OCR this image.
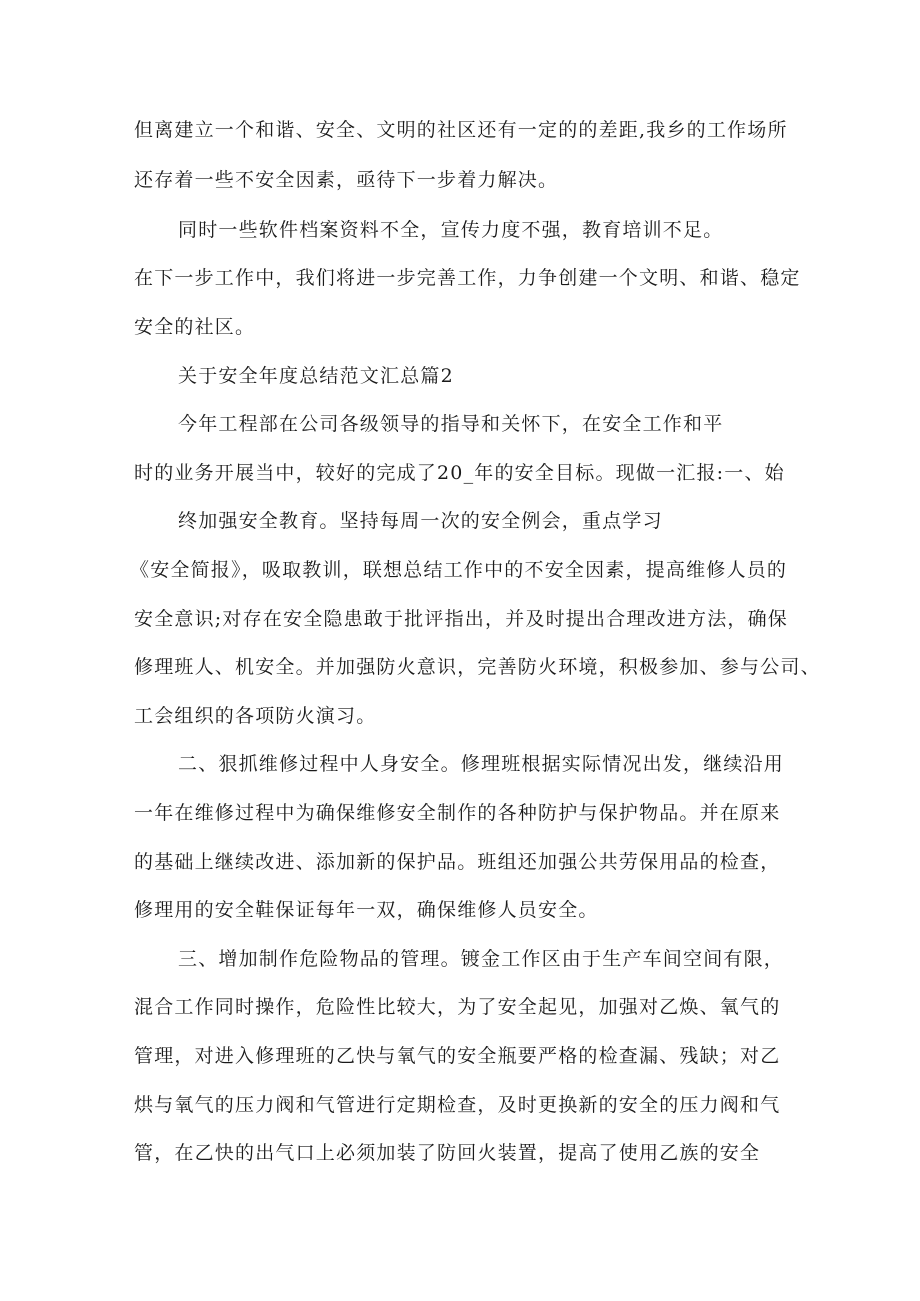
但离建立一个和谐、安全、文明的社区还有一定的的差距,我乡的工作场所
还存着一些不安全因素，亟待下一步着力解决。
同时一些软件档案资料不全，宣传力度不强，教育培训不足。
在下一步工作中，我们将进一步完善工作，力争创建一个文明、和谐、稳定
安全的社区。
关于安全年度总结范文汇总篇2
今年工程部在公司各级领导的指导和关怀下，在安全工作和平
时的业务开展当中，较好的完成了20_年的安全目标。现做一汇报:一、始
终加强安全教育。坚持每周一次的安全例会，重点学习
《安全简报》，吸取教训，联想总结工作中的不安全因素，提高维修人员的
安全意识;对存在安全隐患敢于批评指出，并及时提出合理改进方法，确保
修理班人、机安全。并加强防火意识，完善防火环境，积极参加、参与公司、
工会组织的各项防火演习。
二、狠抓维修过程中人身安全。修理班根据实际情况出发，继续沿用
一年在维修过程中为确保维修安全制作的各种防护与保护物品。并在原来
的基础上继续改进、添加新的保护品。班组还加强公共劳保用品的检查，
修理用的安全鞋保证每年一双，确保维修人员安全。
三、增加制作危险物品的管理。镀金工作区由于生产车间空间有限，
混合工作同时操作，危险性比较大，为了安全起见，加强对乙焕、氧气的
管理，对进入修理班的乙快与氧气的安全瓶要严格的检查漏、残缺；对乙
烘与氧气的压力阀和气管进行定期检查，及时更换新的安全的压力阀和气
管，在乙快的出气口上必须加装了防回火装置，提高了使用乙族的安全
